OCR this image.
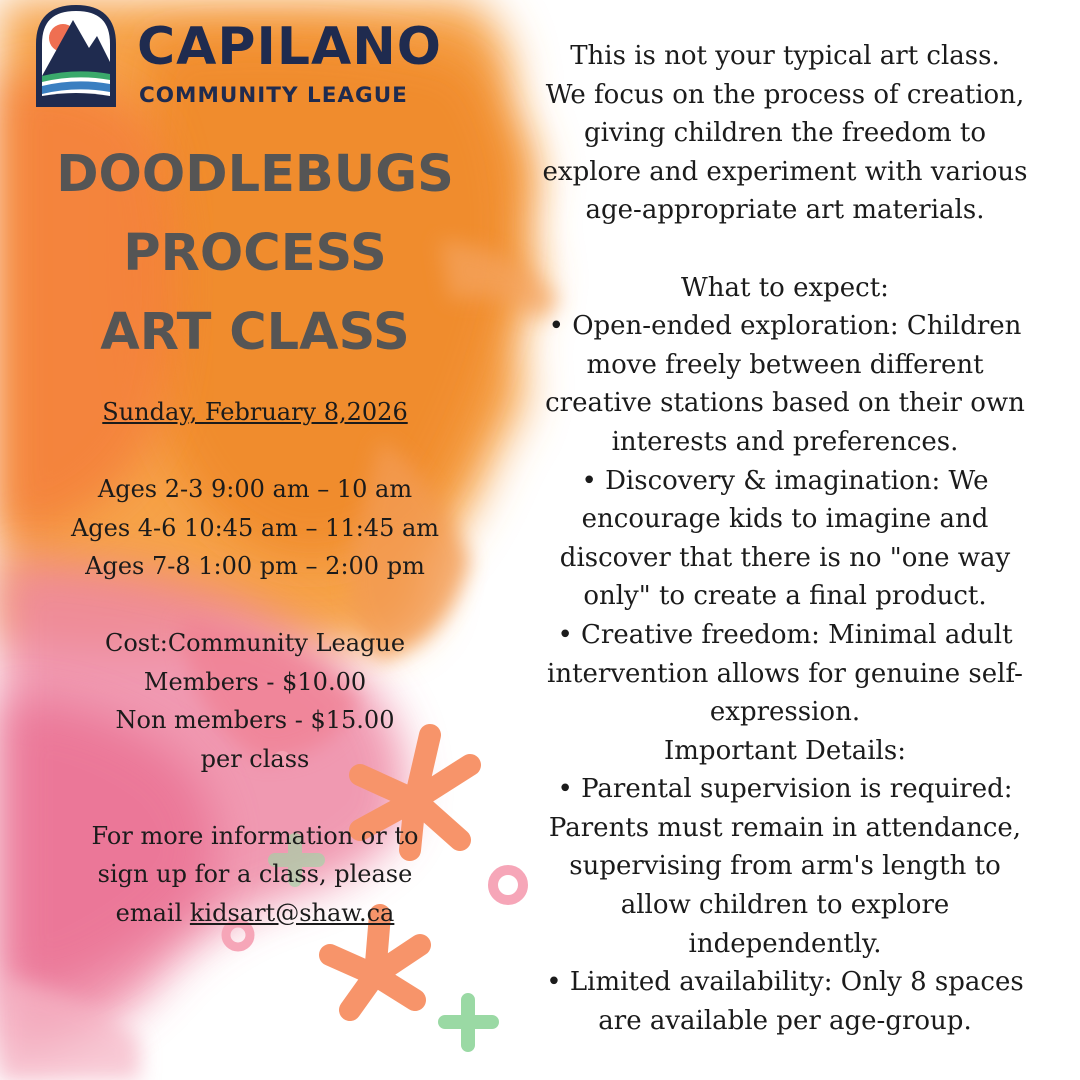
CAPILANO
COMMUNITY LEAGUE
DOODLEBUGS
PROCESS
ART CLASS
Sunday, February 8,2026
Ages 2-3 9:00 am – 10 am
Ages 4-6 10:45 am – 11:45 am
Ages 7-8 1:00 pm – 2:00 pm
Cost:Community League
Members - $10.00
Non members - $15.00
per class
For more information or to
sign up for a class, please
email kidsart@shaw.ca
This is not your typical art class.
We focus on the process of creation,
giving children the freedom to
explore and experiment with various
age-appropriate art materials.
What to expect:
• Open-ended exploration: Children
move freely between different
creative stations based on their own
interests and preferences.
• Discovery & imagination: We
encourage kids to imagine and
discover that there is no "one way
only" to create a final product.
• Creative freedom: Minimal adult
intervention allows for genuine self-
expression.
Important Details:
• Parental supervision is required:
Parents must remain in attendance,
supervising from arm's length to
allow children to explore
independently.
• Limited availability: Only 8 spaces
are available per age-group.
